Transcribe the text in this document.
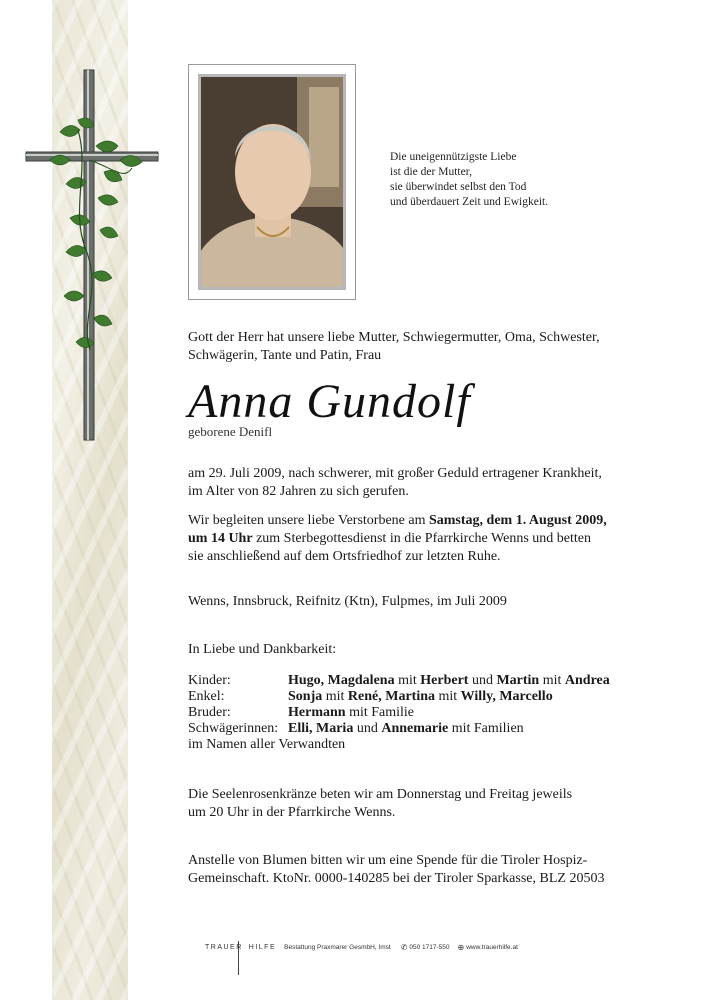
Die uneigennützigste Liebe
ist die der Mutter,
sie überwindet selbst den Tod
und überdauert Zeit und Ewigkeit.
Gott der Herr hat unsere liebe Mutter, Schwiegermutter, Oma, Schwester,
Schwägerin, Tante und Patin, Frau
Anna Gundolf
geborene Denifl
am 29. Juli 2009, nach schwerer, mit großer Geduld ertragener Krankheit,
im Alter von 82 Jahren zu sich gerufen.
Wir begleiten unsere liebe Verstorbene am Samstag, dem 1. August 2009,
um 14 Uhr zum Sterbegottesdienst in die Pfarrkirche Wenns und betten
sie anschließend auf dem Ortsfriedhof zur letzten Ruhe.
Wenns, Innsbruck, Reifnitz (Ktn), Fulpmes, im Juli 2009
In Liebe und Dankbarkeit:
Kinder:	Hugo, Magdalena mit Herbert und Martin mit Andrea
Enkel:	Sonja mit René, Martina mit Willy, Marcello
Bruder:	Hermann mit Familie
Schwägerinnen: Elli, Maria und Annemarie mit Familien
im Namen aller Verwandten
Die Seelenrosenkränze beten wir am Donnerstag und Freitag jeweils
um 20 Uhr in der Pfarrkirche Wenns.
Anstelle von Blumen bitten wir um eine Spende für die Tiroler Hospiz-
Gemeinschaft. KtoNr. 0000-140285 bei der Tiroler Sparkasse, BLZ 20503
TRAUER HILFE Bestattung Praxmarer GesmbH, Imst ✆ 050 1717-550 ⊕ www.trauerhilfe.at
